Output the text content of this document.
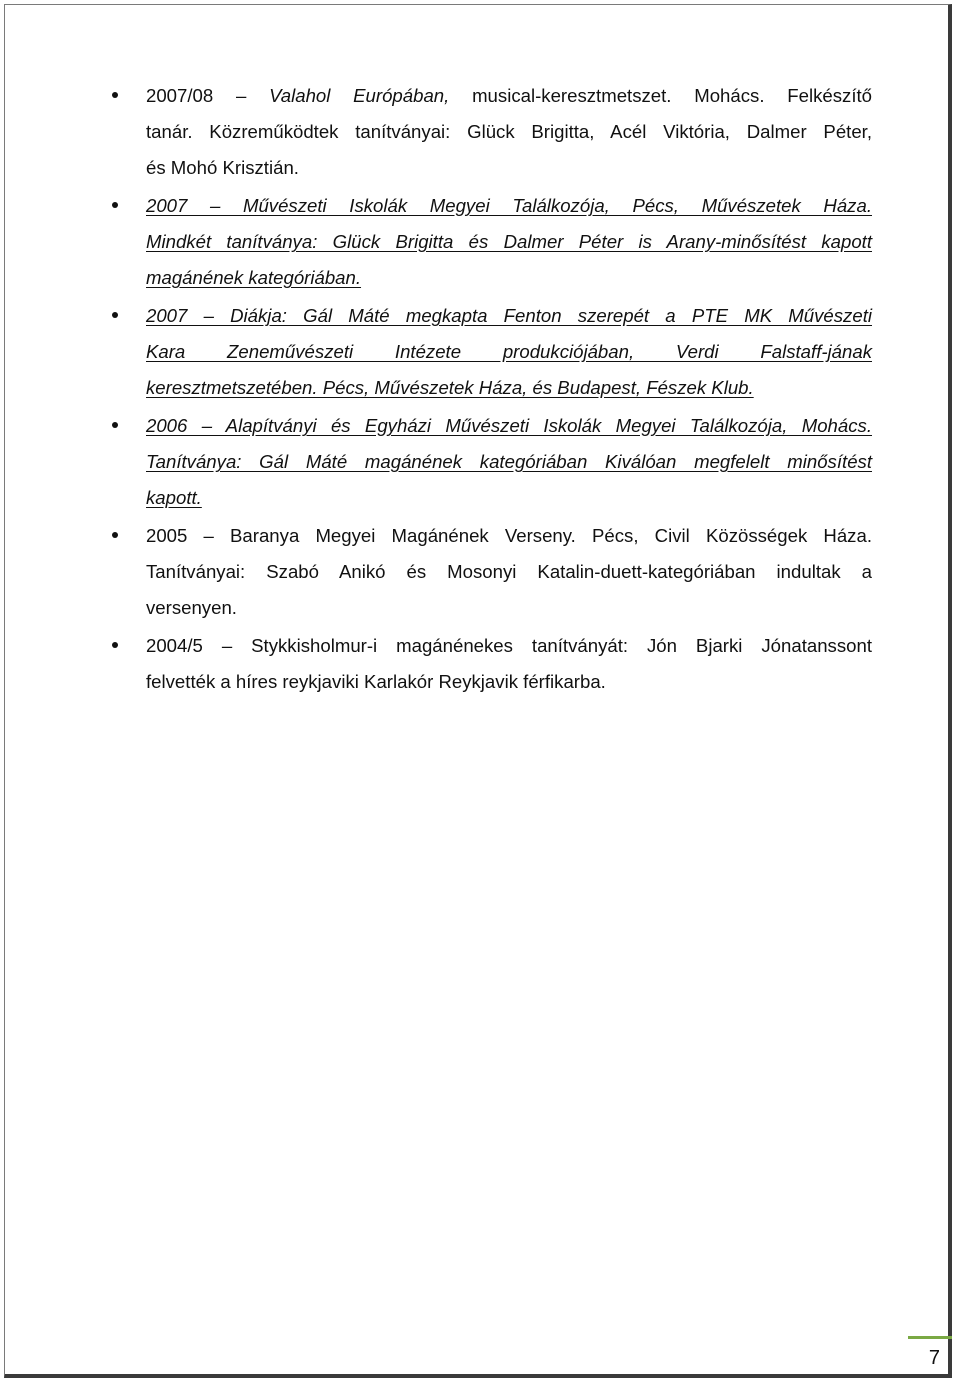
2007/08 – Valahol Európában, musical-keresztmetszet. Mohács. Felkészítő
tanár. Közreműködtek tanítványai: Glück Brigitta, Acél Viktória, Dalmer Péter,
és Mohó Krisztián.
2007 – Művészeti Iskolák Megyei Találkozója, Pécs, Művészetek Háza.
Mindkét tanítványa: Glück Brigitta és Dalmer Péter is Arany-minősítést kapott
magánének kategóriában.
2007 – Diákja: Gál Máté megkapta Fenton szerepét a PTE MK Művészeti
Kara Zeneművészeti Intézete produkciójában, Verdi Falstaff-jának
keresztmetszetében. Pécs, Művészetek Háza, és Budapest, Fészek Klub.
2006 – Alapítványi és Egyházi Művészeti Iskolák Megyei Találkozója, Mohács.
Tanítványa: Gál Máté magánének kategóriában Kiválóan megfelelt minősítést
kapott.
2005 – Baranya Megyei Magánének Verseny. Pécs, Civil Közösségek Háza.
Tanítványai: Szabó Anikó és Mosonyi Katalin-duett-kategóriában indultak a
versenyen.
2004/5 – Stykkisholmur-i magánénekes tanítványát: Jón Bjarki Jónatanssont
felvették a híres reykjaviki Karlakór Reykjavik férfikarba.
7
